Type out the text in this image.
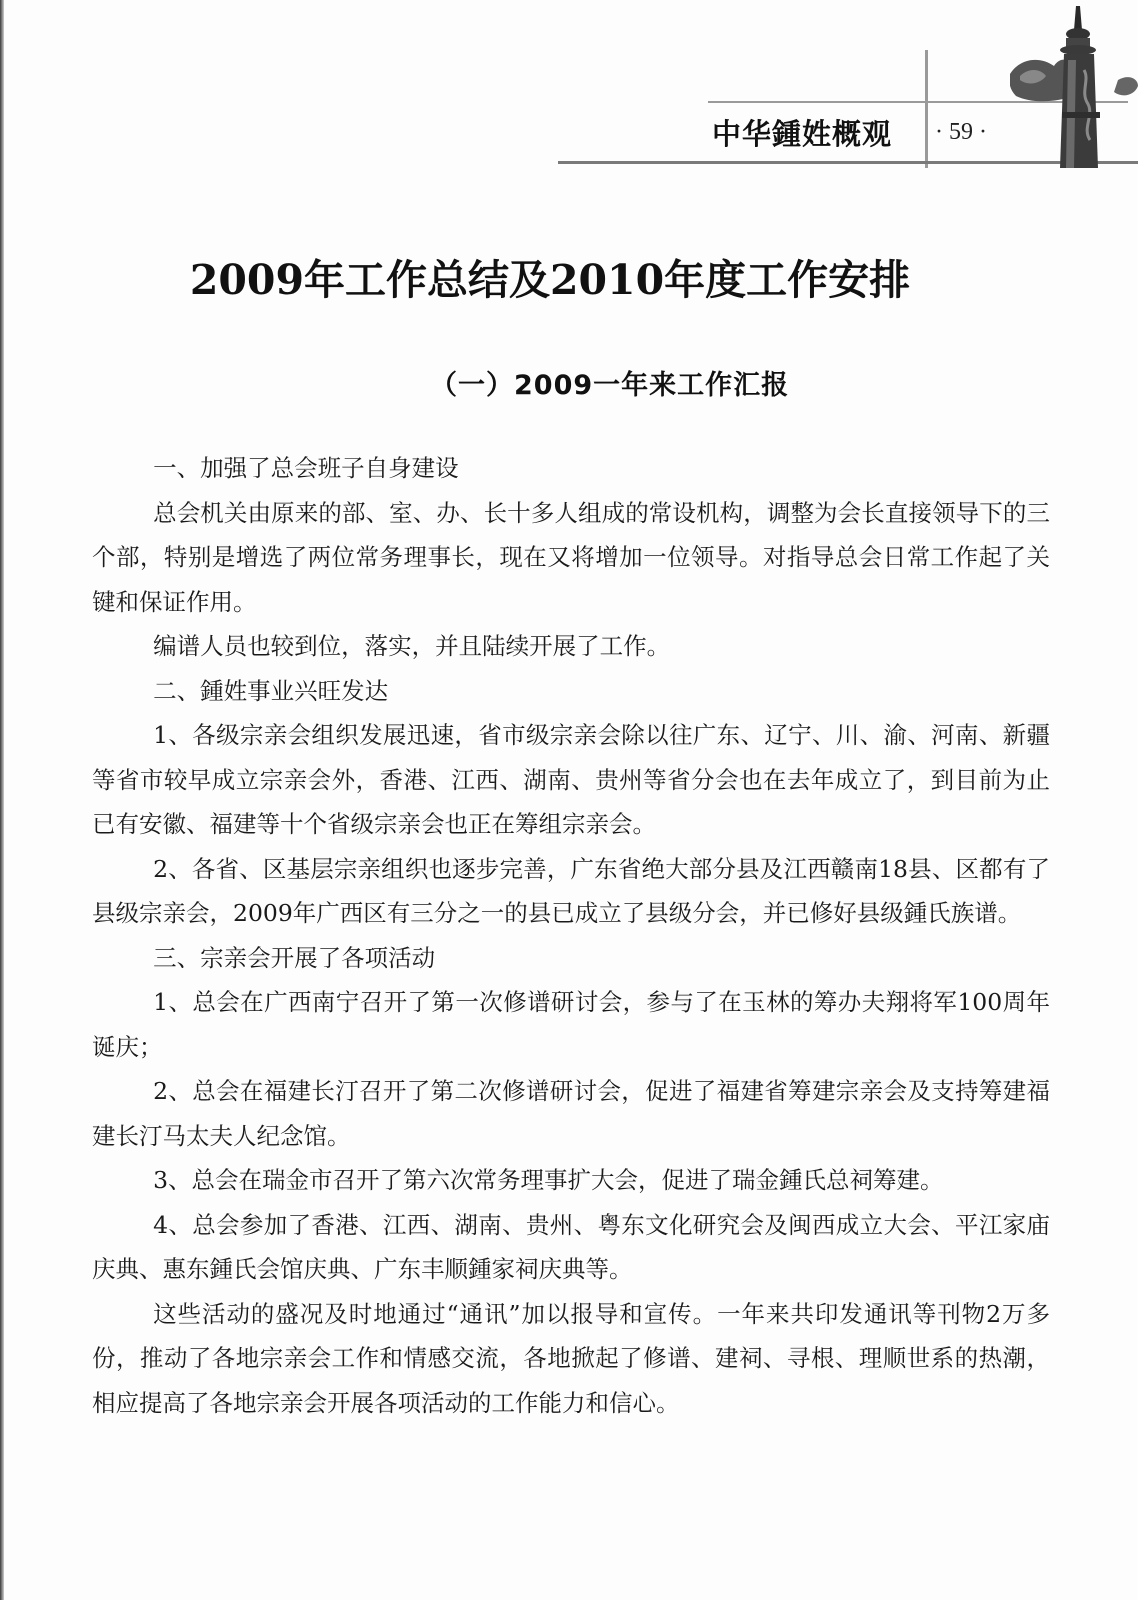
中华鍾姓概观 · 59 ·
2009年工作总结及2010年度工作安排
（一）2009一年来工作汇报

一、加强了总会班子自身建设

总会机关由原来的部、室、办、长十多人组成的常设机构，调整为会长直接领导下的三个部，特别是增选了两位常务理事长，现在又将增加一位领导。对指导总会日常工作起了关键和保证作用。

编谱人员也较到位，落实，并且陆续开展了工作。

二、鍾姓事业兴旺发达

1、各级宗亲会组织发展迅速，省市级宗亲会除以往广东、辽宁、川、渝、河南、新疆等省市较早成立宗亲会外，香港、江西、湖南、贵州等省分会也在去年成立了，到目前为止已有安徽、福建等十个省级宗亲会也正在筹组宗亲会。

2、各省、区基层宗亲组织也逐步完善，广东省绝大部分县及江西赣南18县、区都有了县级宗亲会，2009年广西区有三分之一的县已成立了县级分会，并已修好县级鍾氏族谱。

三、宗亲会开展了各项活动

1、总会在广西南宁召开了第一次修谱研讨会，参与了在玉林的筹办夫翔将军100周年诞庆；

2、总会在福建长汀召开了第二次修谱研讨会，促进了福建省筹建宗亲会及支持筹建福建长汀马太夫人纪念馆。

3、总会在瑞金市召开了第六次常务理事扩大会，促进了瑞金鍾氏总祠筹建。

4、总会参加了香港、江西、湖南、贵州、粤东文化研究会及闽西成立大会、平江家庙庆典、惠东鍾氏会馆庆典、广东丰顺鍾家祠庆典等。

这些活动的盛况及时地通过“通讯”加以报导和宣传。一年来共印发通讯等刊物2万多份，推动了各地宗亲会工作和情感交流，各地掀起了修谱、建祠、寻根、理顺世系的热潮，相应提高了各地宗亲会开展各项活动的工作能力和信心。
